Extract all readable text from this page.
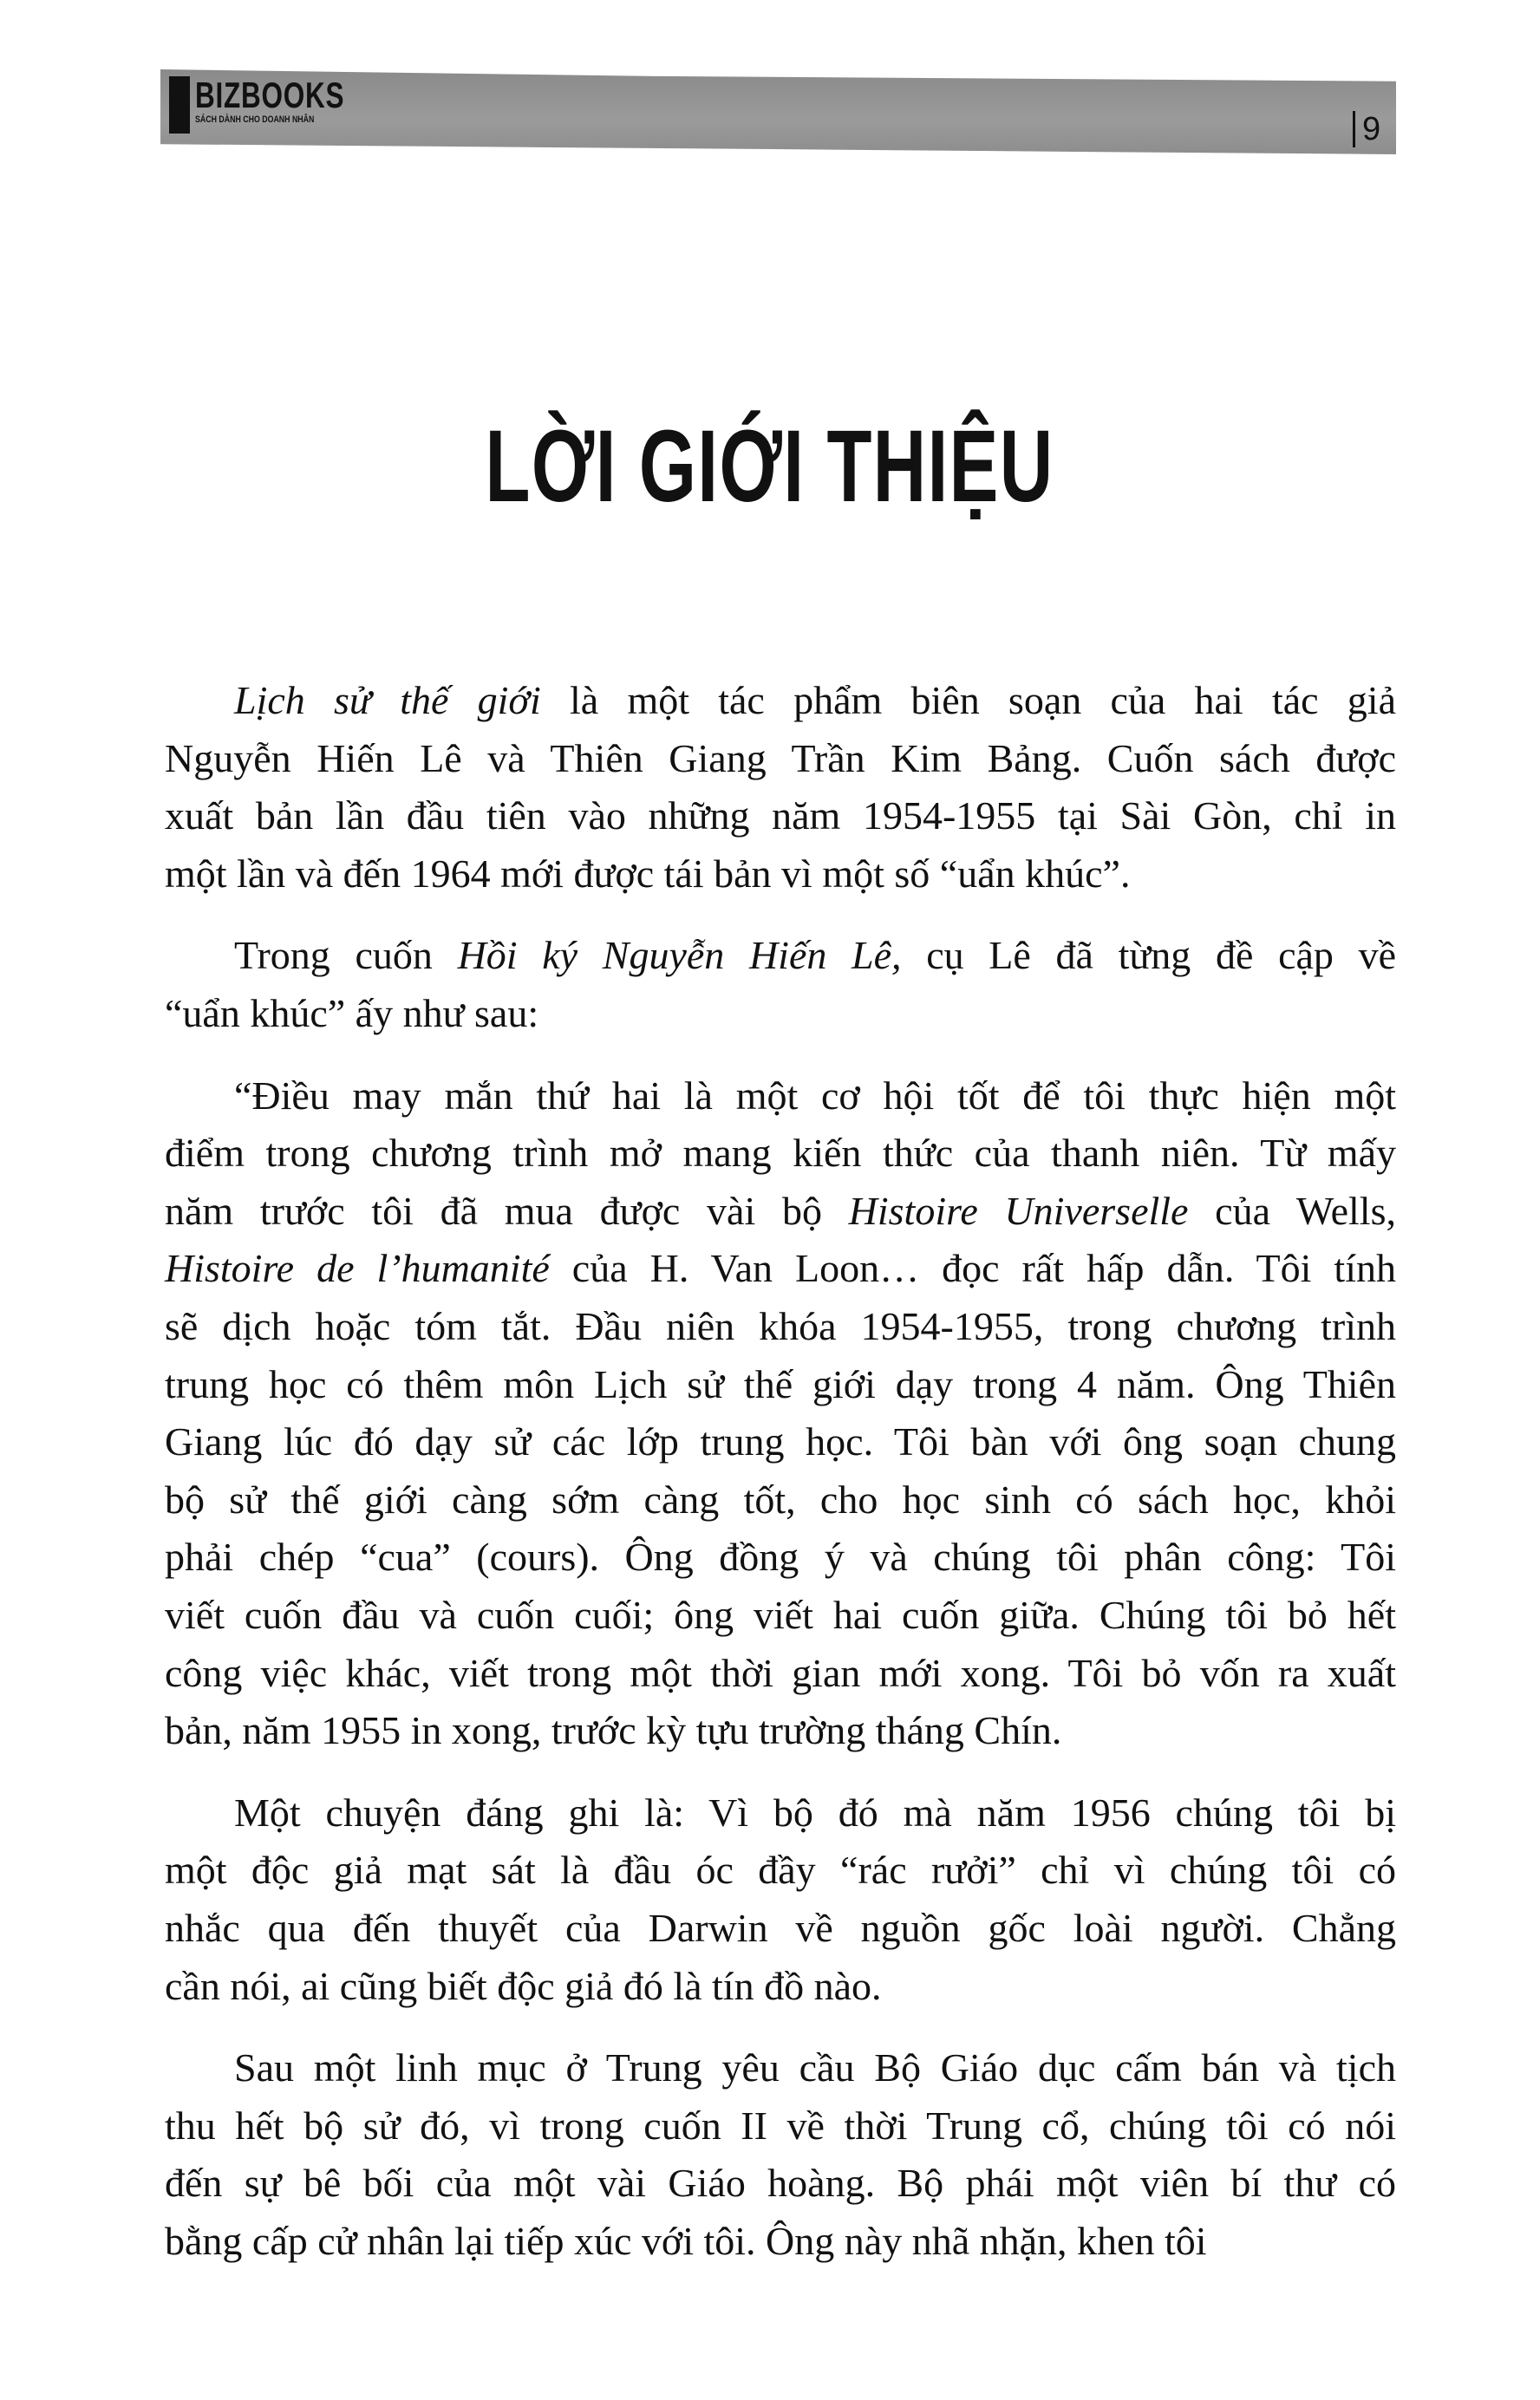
BIZBOOKS
SÁCH DÀNH CHO DOANH NHÂN	9
LỜI GIỚI THIỆU
Lịch sử thế giới là một tác phẩm biên soạn của hai tác giả
Nguyễn Hiến Lê và Thiên Giang Trần Kim Bảng. Cuốn sách được
xuất bản lần đầu tiên vào những năm 1954-1955 tại Sài Gòn, chỉ in
một lần và đến 1964 mới được tái bản vì một số “uẩn khúc”.
Trong cuốn Hồi ký Nguyễn Hiến Lê, cụ Lê đã từng đề cập về
“uẩn khúc” ấy như sau:
“Điều may mắn thứ hai là một cơ hội tốt để tôi thực hiện một
điểm trong chương trình mở mang kiến thức của thanh niên. Từ mấy
năm trước tôi đã mua được vài bộ Histoire Universelle của Wells,
Histoire de l’humanité của H. Van Loon… đọc rất hấp dẫn. Tôi tính
sẽ dịch hoặc tóm tắt. Đầu niên khóa 1954-1955, trong chương trình
trung học có thêm môn Lịch sử thế giới dạy trong 4 năm. Ông Thiên
Giang lúc đó dạy sử các lớp trung học. Tôi bàn với ông soạn chung
bộ sử thế giới càng sớm càng tốt, cho học sinh có sách học, khỏi
phải chép “cua” (cours). Ông đồng ý và chúng tôi phân công: Tôi
viết cuốn đầu và cuốn cuối; ông viết hai cuốn giữa. Chúng tôi bỏ hết
công việc khác, viết trong một thời gian mới xong. Tôi bỏ vốn ra xuất
bản, năm 1955 in xong, trước kỳ tựu trường tháng Chín.
Một chuyện đáng ghi là: Vì bộ đó mà năm 1956 chúng tôi bị
một độc giả mạt sát là đầu óc đầy “rác rưởi” chỉ vì chúng tôi có
nhắc qua đến thuyết của Darwin về nguồn gốc loài người. Chẳng
cần nói, ai cũng biết độc giả đó là tín đồ nào.
Sau một linh mục ở Trung yêu cầu Bộ Giáo dục cấm bán và tịch
thu hết bộ sử đó, vì trong cuốn II về thời Trung cổ, chúng tôi có nói
đến sự bê bối của một vài Giáo hoàng. Bộ phái một viên bí thư có
bằng cấp cử nhân lại tiếp xúc với tôi. Ông này nhã nhặn, khen tôi
